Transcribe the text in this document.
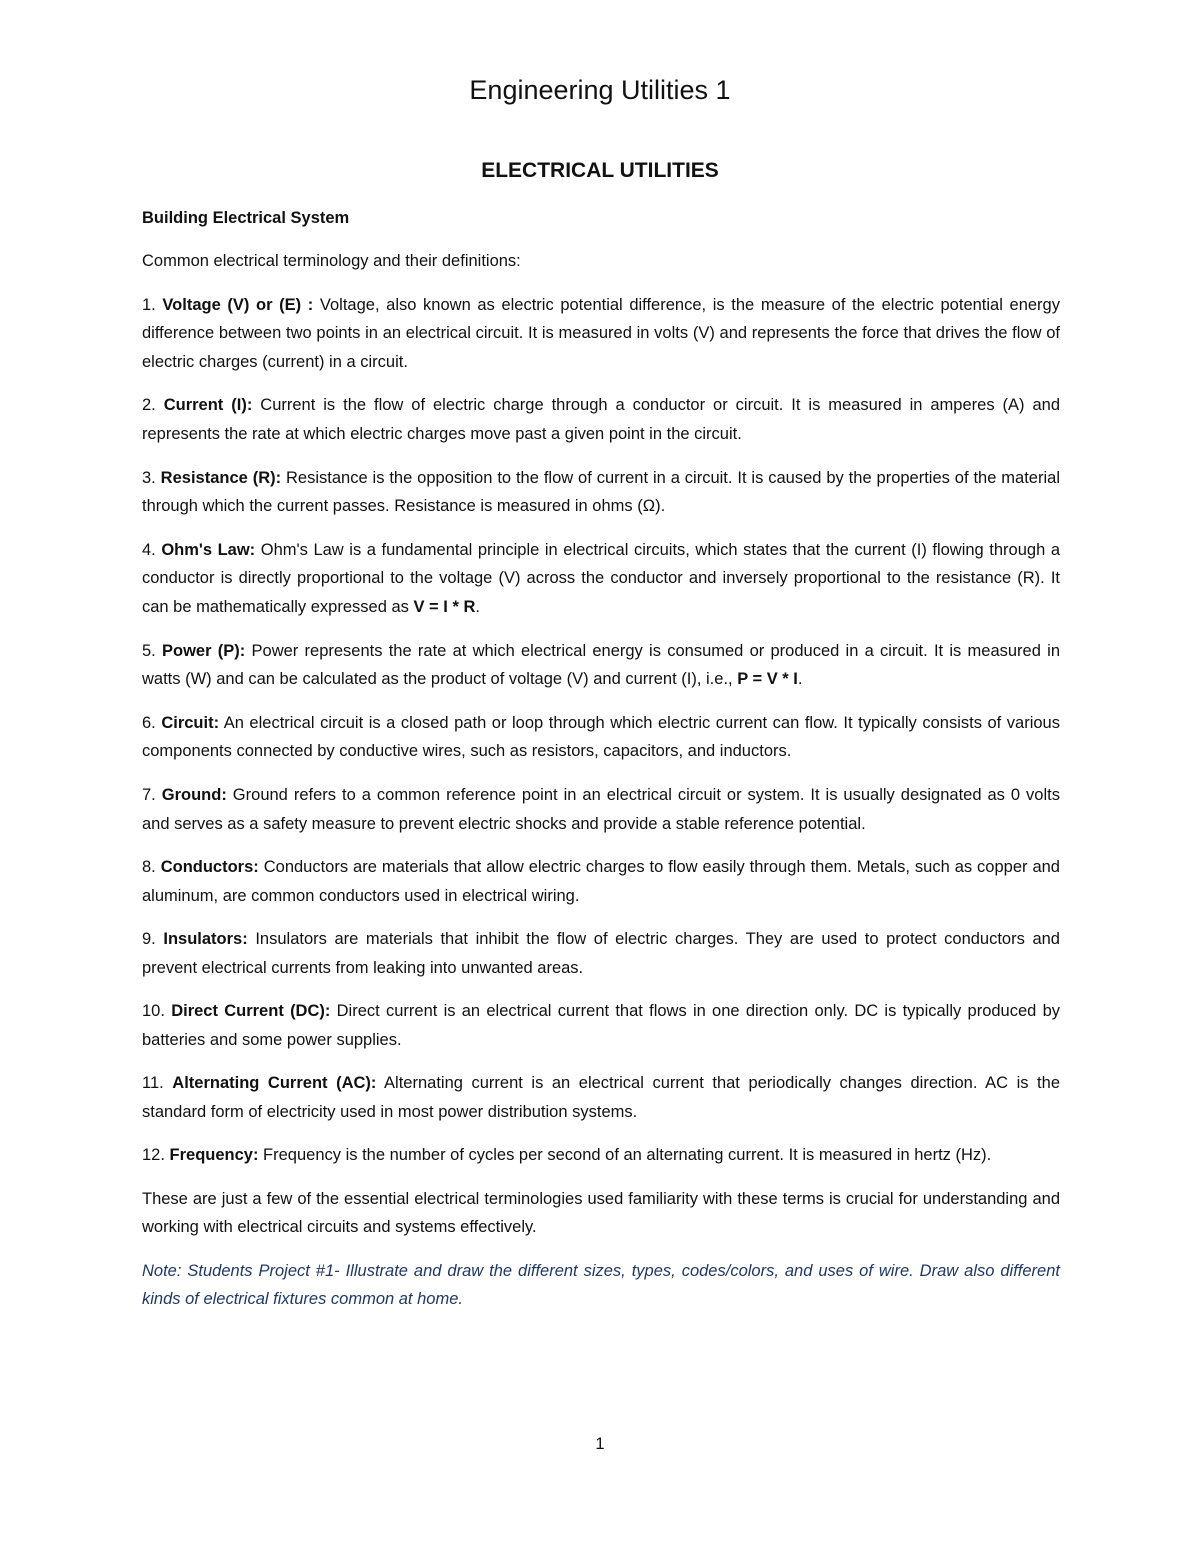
Engineering Utilities 1
ELECTRICAL UTILITIES

Building Electrical System

Common electrical terminology and their definitions:

1. Voltage (V) or (E) : Voltage, also known as electric potential difference, is the measure of the electric potential energy difference between two points in an electrical circuit. It is measured in volts (V) and represents the force that drives the flow of electric charges (current) in a circuit.

2. Current (I): Current is the flow of electric charge through a conductor or circuit. It is measured in amperes (A) and represents the rate at which electric charges move past a given point in the circuit.

3. Resistance (R): Resistance is the opposition to the flow of current in a circuit. It is caused by the properties of the material through which the current passes. Resistance is measured in ohms (Ω).

4. Ohm's Law: Ohm's Law is a fundamental principle in electrical circuits, which states that the current (I) flowing through a conductor is directly proportional to the voltage (V) across the conductor and inversely proportional to the resistance (R). It can be mathematically expressed as V = I * R.

5. Power (P): Power represents the rate at which electrical energy is consumed or produced in a circuit. It is measured in watts (W) and can be calculated as the product of voltage (V) and current (I), i.e., P = V * I.

6. Circuit: An electrical circuit is a closed path or loop through which electric current can flow. It typically consists of various components connected by conductive wires, such as resistors, capacitors, and inductors.

7. Ground: Ground refers to a common reference point in an electrical circuit or system. It is usually designated as 0 volts and serves as a safety measure to prevent electric shocks and provide a stable reference potential.

8. Conductors: Conductors are materials that allow electric charges to flow easily through them. Metals, such as copper and aluminum, are common conductors used in electrical wiring.

9. Insulators: Insulators are materials that inhibit the flow of electric charges. They are used to protect conductors and prevent electrical currents from leaking into unwanted areas.

10. Direct Current (DC): Direct current is an electrical current that flows in one direction only. DC is typically produced by batteries and some power supplies.

11. Alternating Current (AC): Alternating current is an electrical current that periodically changes direction. AC is the standard form of electricity used in most power distribution systems.

12. Frequency: Frequency is the number of cycles per second of an alternating current. It is measured in hertz (Hz).

These are just a few of the essential electrical terminologies used familiarity with these terms is crucial for understanding and working with electrical circuits and systems effectively.

Note: Students Project #1- Illustrate and draw the different sizes, types, codes/colors, and uses of wire. Draw also different kinds of electrical fixtures common at home.

1
